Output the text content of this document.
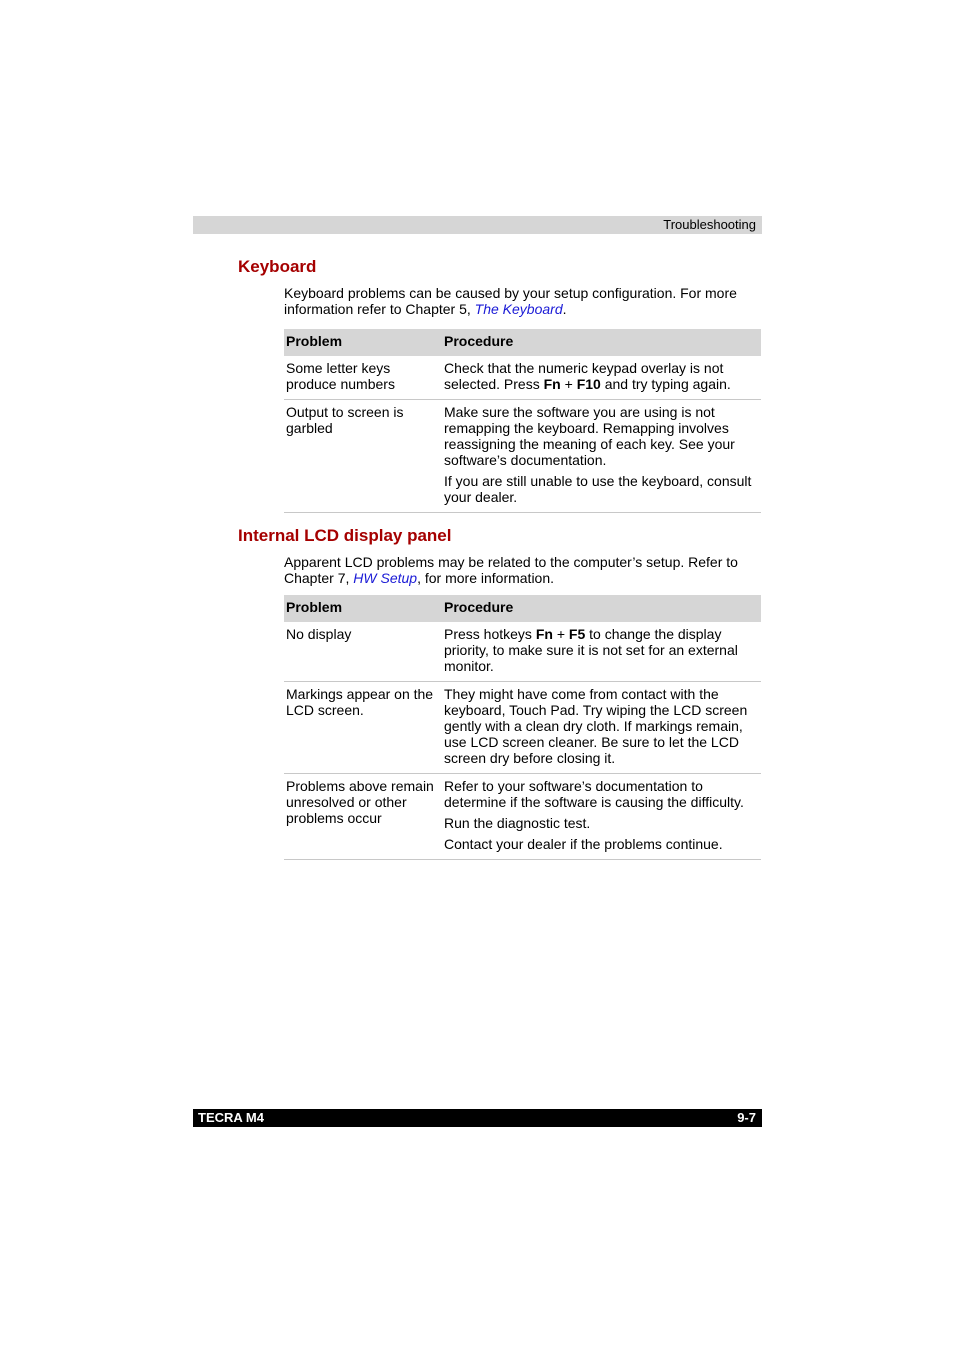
Troubleshooting
Keyboard

Keyboard problems can be caused by your setup configuration. For more information refer to Chapter 5, The Keyboard.

Problem	Procedure
Some letter keys produce numbers	Check that the numeric keypad overlay is not selected. Press Fn + F10 and try typing again.

Output to screen is garbled	Make sure the software you are using is not remapping the keyboard. Remapping involves reassigning the meaning of each key. See your software’s documentation.

If you are still unable to use the keyboard, consult your dealer.

Internal LCD display panel

Apparent LCD problems may be related to the computer’s setup. Refer to Chapter 7, HW Setup, for more information.

Problem	Procedure
No display	Press hotkeys Fn + F5 to change the display priority, to make sure it is not set for an external monitor.

Markings appear on the LCD screen.	They might have come from contact with the keyboard, Touch Pad. Try wiping the LCD screen gently with a clean dry cloth. If markings remain, use LCD screen cleaner. Be sure to let the LCD screen dry before closing it.

Problems above remain unresolved or other problems occur	Refer to your software’s documentation to determine if the software is causing the difficulty.

Run the diagnostic test.

Contact your dealer if the problems continue.

TECRA M4	9-7
